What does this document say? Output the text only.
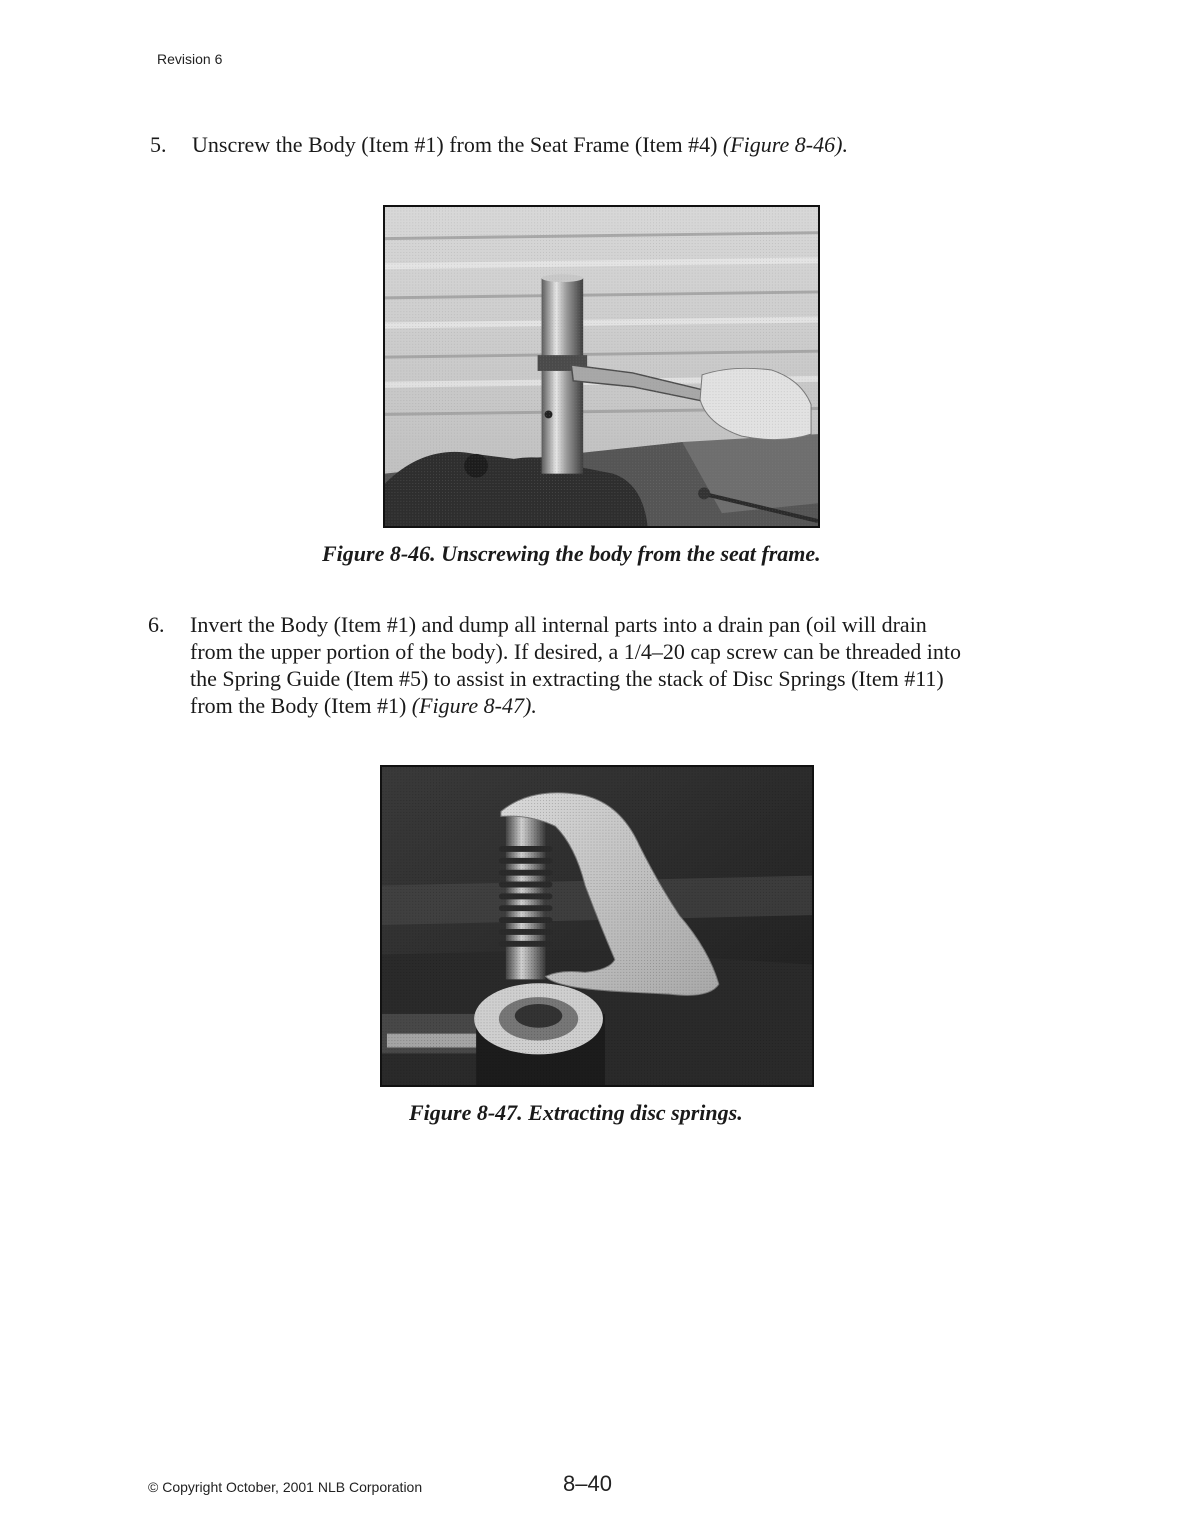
Revision 6
5. Unscrew the Body (Item #1) from the Seat Frame (Item #4) (Figure 8-46).
Figure 8-46. Unscrewing the body from the seat frame.
6. Invert the Body (Item #1) and dump all internal parts into a drain pan (oil will drain
from the upper portion of the body). If desired, a 1/4–20 cap screw can be threaded into
the Spring Guide (Item #5) to assist in extracting the stack of Disc Springs (Item #11)
from the Body (Item #1) (Figure 8-47).
Figure 8-47. Extracting disc springs.
© Copyright October, 2001 NLB Corporation	8–40
